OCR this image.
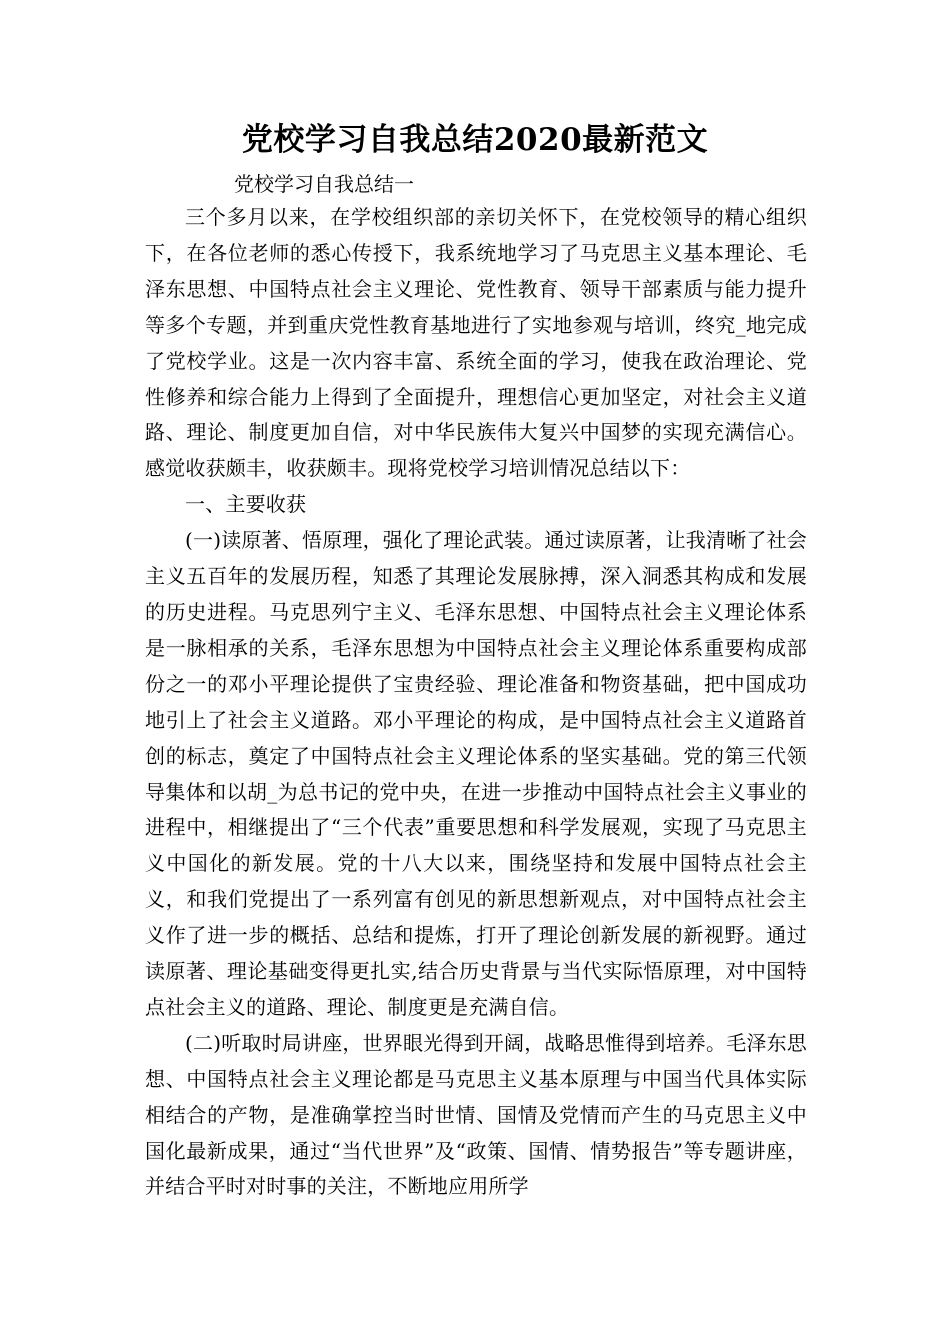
党校学习自我总结2020最新范文
党校学习自我总结一

三个多月以来，在学校组织部的亲切关怀下，在党校领导的精心组织下，在各位老师的悉心传授下，我系统地学习了马克思主义基本理论、毛泽东思想、中国特点社会主义理论、党性教育、领导干部素质与能力提升等多个专题，并到重庆党性教育基地进行了实地参观与培训，终究_地完成了党校学业。这是一次内容丰富、系统全面的学习，使我在政治理论、党性修养和综合能力上得到了全面提升，理想信心更加坚定，对社会主义道路、理论、制度更加自信，对中华民族伟大复兴中国梦的实现充满信心。感觉收获颇丰，收获颇丰。现将党校学习培训情况总结以下：

一、主要收获

(一)读原著、悟原理，强化了理论武装。通过读原著，让我清晰了社会主义五百年的发展历程，知悉了其理论发展脉搏，深入洞悉其构成和发展的历史进程。马克思列宁主义、毛泽东思想、中国特点社会主义理论体系是一脉相承的关系，毛泽东思想为中国特点社会主义理论体系重要构成部份之一的邓小平理论提供了宝贵经验、理论准备和物资基础，把中国成功地引上了社会主义道路。邓小平理论的构成，是中国特点社会主义道路首创的标志，奠定了中国特点社会主义理论体系的坚实基础。党的第三代领导集体和以胡_为总书记的党中央，在进一步推动中国特点社会主义事业的进程中，相继提出了“三个代表”重要思想和科学发展观，实现了马克思主义中国化的新发展。党的十八大以来，围绕坚持和发展中国特点社会主义，和我们党提出了一系列富有创见的新思想新观点，对中国特点社会主义作了进一步的概括、总结和提炼，打开了理论创新发展的新视野。通过读原著、理论基础变得更扎实,结合历史背景与当代实际悟原理，对中国特点社会主义的道路、理论、制度更是充满自信。

(二)听取时局讲座，世界眼光得到开阔，战略思惟得到培养。毛泽东思想、中国特点社会主义理论都是马克思主义基本原理与中国当代具体实际相结合的产物，是准确掌控当时世情、国情及党情而产生的马克思主义中国化最新成果，通过“当代世界”及“政策、国情、情势报告”等专题讲座，并结合平时对时事的关注，不断地应用所学
